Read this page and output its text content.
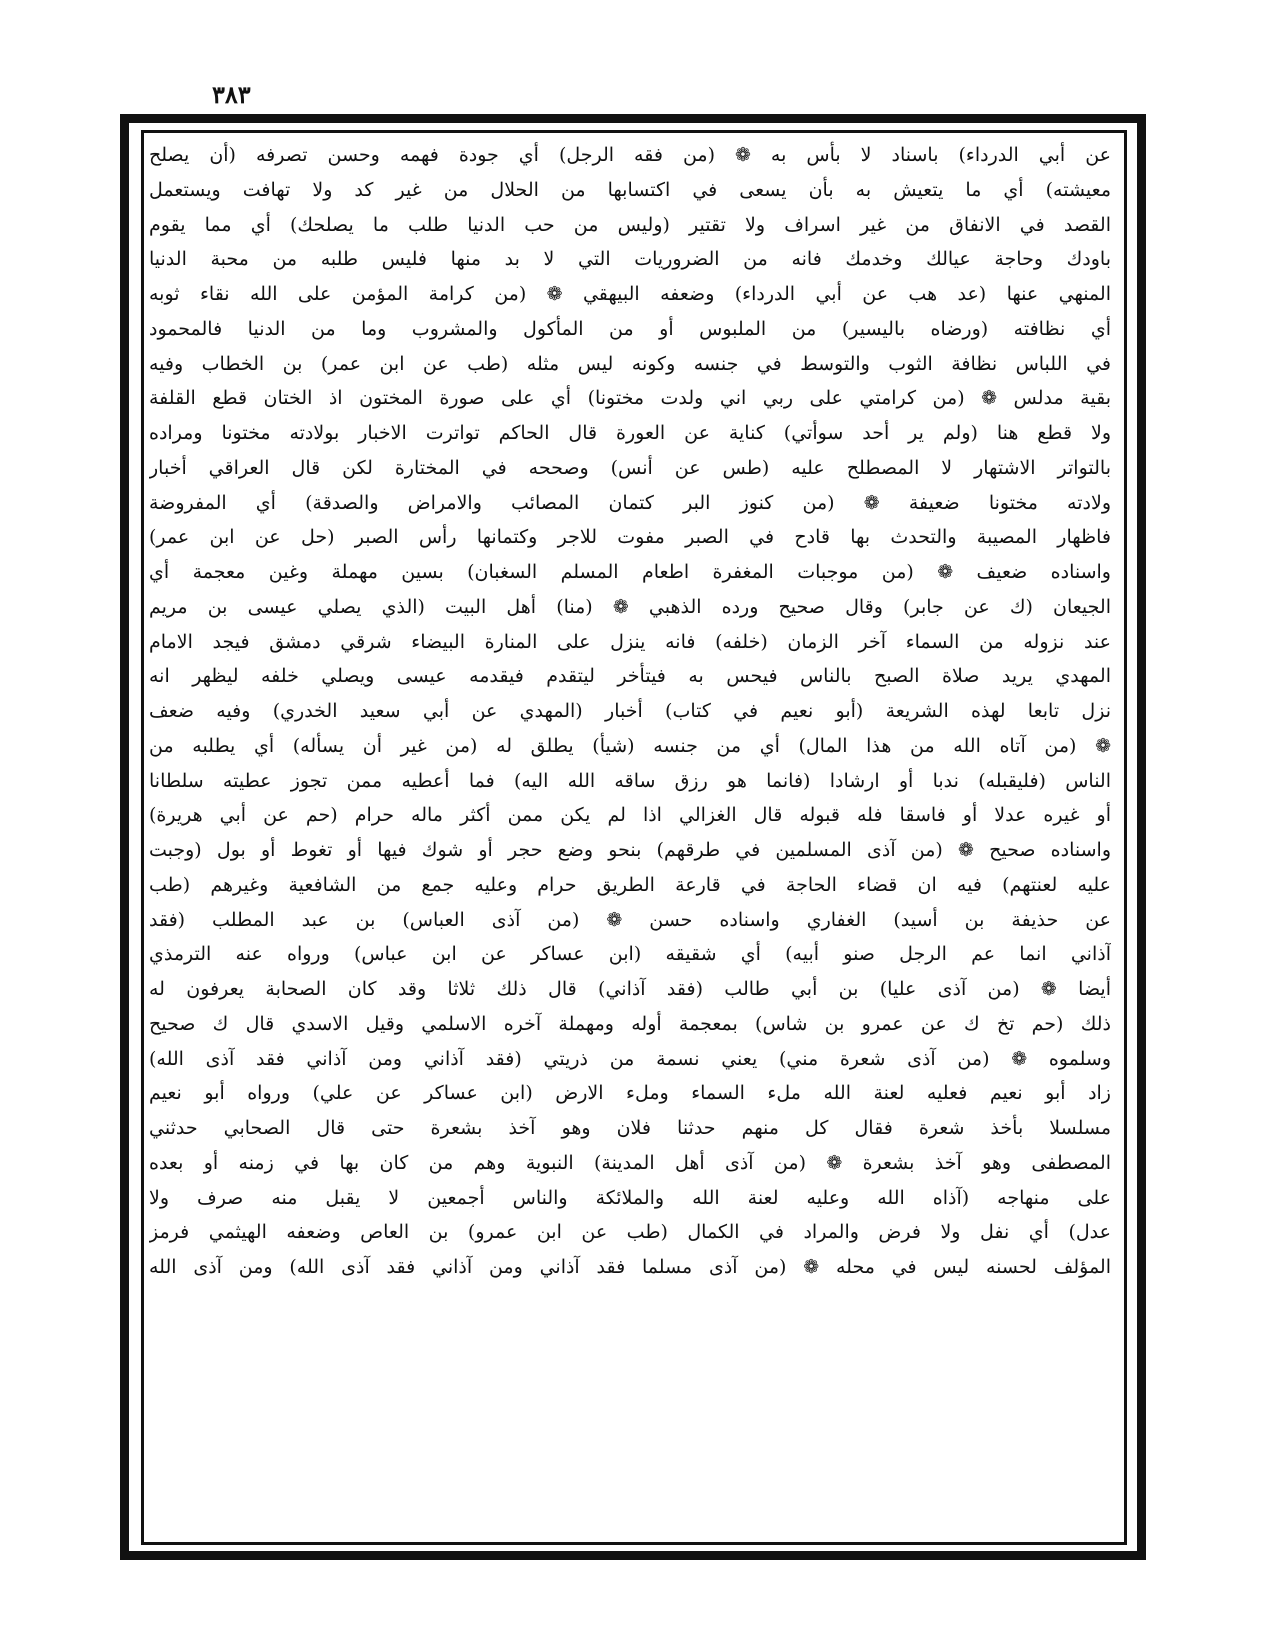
٣٨٣
عن أبي الدرداء) باسناد لا بأس به ❁ (من فقه الرجل) أي جودة فهمه وحسن تصرفه (أن يصلح
معيشته) أي ما يتعيش به بأن يسعى في اكتسابها من الحلال من غير كد ولا تهافت ويستعمل
القصد في الانفاق من غير اسراف ولا تقتير (وليس من حب الدنيا طلب ما يصلحك) أي مما يقوم
باودك وحاجة عيالك وخدمك فانه من الضروريات التي لا بد منها فليس طلبه من محبة الدنيا
المنهي عنها (عد هب عن أبي الدرداء) وضعفه البيهقي ❁ (من كرامة المؤمن على الله نقاء ثوبه
أي نظافته (ورضاه باليسير) من الملبوس أو من المأكول والمشروب وما من الدنيا فالمحمود
في اللباس نظافة الثوب والتوسط في جنسه وكونه ليس مثله (طب عن ابن عمر) بن الخطاب وفيه
بقية مدلس ❁ (من كرامتي على ربي اني ولدت مختونا) أي على صورة المختون اذ الختان قطع القلفة
ولا قطع هنا (ولم ير أحد سوأتي) كناية عن العورة قال الحاكم تواترت الاخبار بولادته مختونا ومراده
بالتواتر الاشتهار لا المصطلح عليه (طس عن أنس) وصححه في المختارة لكن قال العراقي أخبار
ولادته مختونا ضعيفة ❁ (من كنوز البر كتمان المصائب والامراض والصدقة) أي المفروضة
فاظهار المصيبة والتحدث بها قادح في الصبر مفوت للاجر وكتمانها رأس الصبر (حل عن ابن عمر)
واسناده ضعيف ❁ (من موجبات المغفرة اطعام المسلم السغبان) بسين مهملة وغين معجمة أي
الجيعان (ك عن جابر) وقال صحيح ورده الذهبي ❁ (منا) أهل البيت (الذي يصلي عيسى بن مريم
عند نزوله من السماء آخر الزمان (خلفه) فانه ينزل على المنارة البيضاء شرقي دمشق فيجد الامام
المهدي يريد صلاة الصبح بالناس فيحس به فيتأخر ليتقدم فيقدمه عيسى ويصلي خلفه ليظهر انه
نزل تابعا لهذه الشريعة (أبو نعيم في كتاب) أخبار (المهدي عن أبي سعيد الخدري) وفيه ضعف
❁ (من آتاه الله من هذا المال) أي من جنسه (شيأ) يطلق له (من غير أن يسأله) أي يطلبه من
الناس (فليقبله) ندبا أو ارشادا (فانما هو رزق ساقه الله اليه) فما أعطيه ممن تجوز عطيته سلطانا
أو غيره عدلا أو فاسقا فله قبوله قال الغزالي اذا لم يكن ممن أكثر ماله حرام (حم عن أبي هريرة)
واسناده صحيح ❁ (من آذى المسلمين في طرقهم) بنحو وضع حجر أو شوك فيها أو تغوط أو بول (وجبت
عليه لعنتهم) فيه ان قضاء الحاجة في قارعة الطريق حرام وعليه جمع من الشافعية وغيرهم (طب
عن حذيفة بن أسيد) الغفاري واسناده حسن ❁ (من آذى العباس) بن عبد المطلب (فقد
آذاني انما عم الرجل صنو أبيه) أي شقيقه (ابن عساكر عن ابن عباس) ورواه عنه الترمذي
أيضا ❁ (من آذى عليا) بن أبي طالب (فقد آذاني) قال ذلك ثلاثا وقد كان الصحابة يعرفون له
ذلك (حم تخ ك عن عمرو بن شاس) بمعجمة أوله ومهملة آخره الاسلمي وقيل الاسدي قال ك صحيح
وسلموه ❁ (من آذى شعرة مني) يعني نسمة من ذريتي (فقد آذاني ومن آذاني فقد آذى الله)
زاد أبو نعيم فعليه لعنة الله ملء السماء وملء الارض (ابن عساكر عن علي) ورواه أبو نعيم
مسلسلا بأخذ شعرة فقال كل منهم حدثنا فلان وهو آخذ بشعرة حتى قال الصحابي حدثني
المصطفى وهو آخذ بشعرة ❁ (من آذى أهل المدينة) النبوية وهم من كان بها في زمنه أو بعده
على منهاجه (آذاه الله وعليه لعنة الله والملائكة والناس أجمعين لا يقبل منه صرف ولا
عدل) أي نفل ولا فرض والمراد في الكمال (طب عن ابن عمرو) بن العاص وضعفه الهيثمي فرمز
المؤلف لحسنه ليس في محله ❁ (من آذى مسلما فقد آذاني ومن آذاني فقد آذى الله) ومن آذى الله
